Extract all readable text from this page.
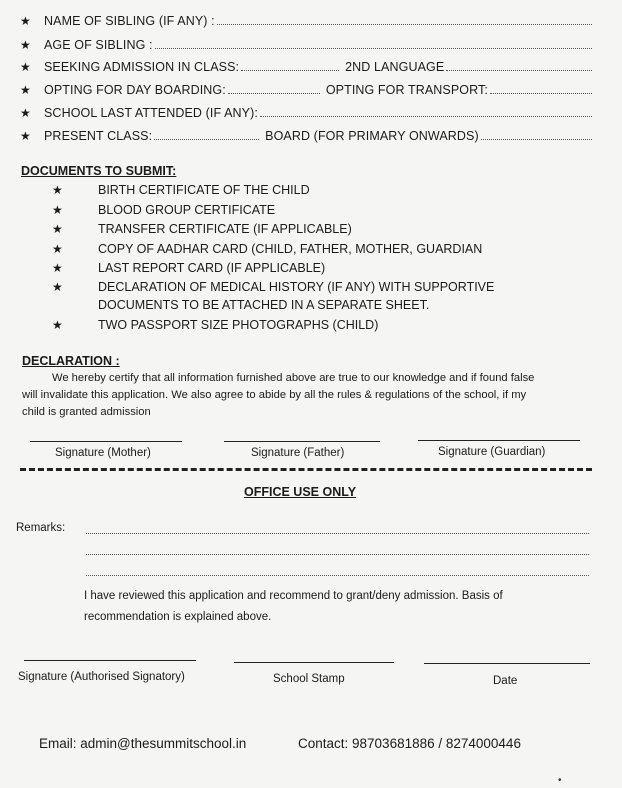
★	NAME OF SIBLING (IF ANY) :
★	AGE OF SIBLING :
★	SEEKING ADMISSION IN CLASS:	2ND LANGUAGE
★	OPTING FOR DAY BOARDING:	OPTING FOR TRANSPORT:
★	SCHOOL LAST ATTENDED (IF ANY):
★	PRESENT CLASS:	BOARD (FOR PRIMARY ONWARDS)
DOCUMENTS TO SUBMIT:
★	BIRTH CERTIFICATE OF THE CHILD
★	BLOOD GROUP CERTIFICATE
★	TRANSFER CERTIFICATE (IF APPLICABLE)
★	COPY OF AADHAR CARD (CHILD, FATHER, MOTHER, GUARDIAN
★	LAST REPORT CARD (IF APPLICABLE)
★	DECLARATION OF MEDICAL HISTORY (IF ANY) WITH SUPPORTIVE
DOCUMENTS TO BE ATTACHED IN A SEPARATE SHEET.
★	TWO PASSPORT SIZE PHOTOGRAPHS (CHILD)
DECLARATION :
We hereby certify that all information furnished above are true to our knowledge and if found false
will invalidate this application. We also agree to abide by all the rules & regulations of the school, if my
child is granted admission
Signature (Mother)	Signature (Father)	Signature (Guardian)
OFFICE USE ONLY
Remarks:
I have reviewed this application and recommend to grant/deny admission. Basis of
recommendation is explained above.
Signature (Authorised Signatory)	School Stamp	Date
Email: admin@thesummitschool.in	Contact: 98703681886 / 8274000446
•
